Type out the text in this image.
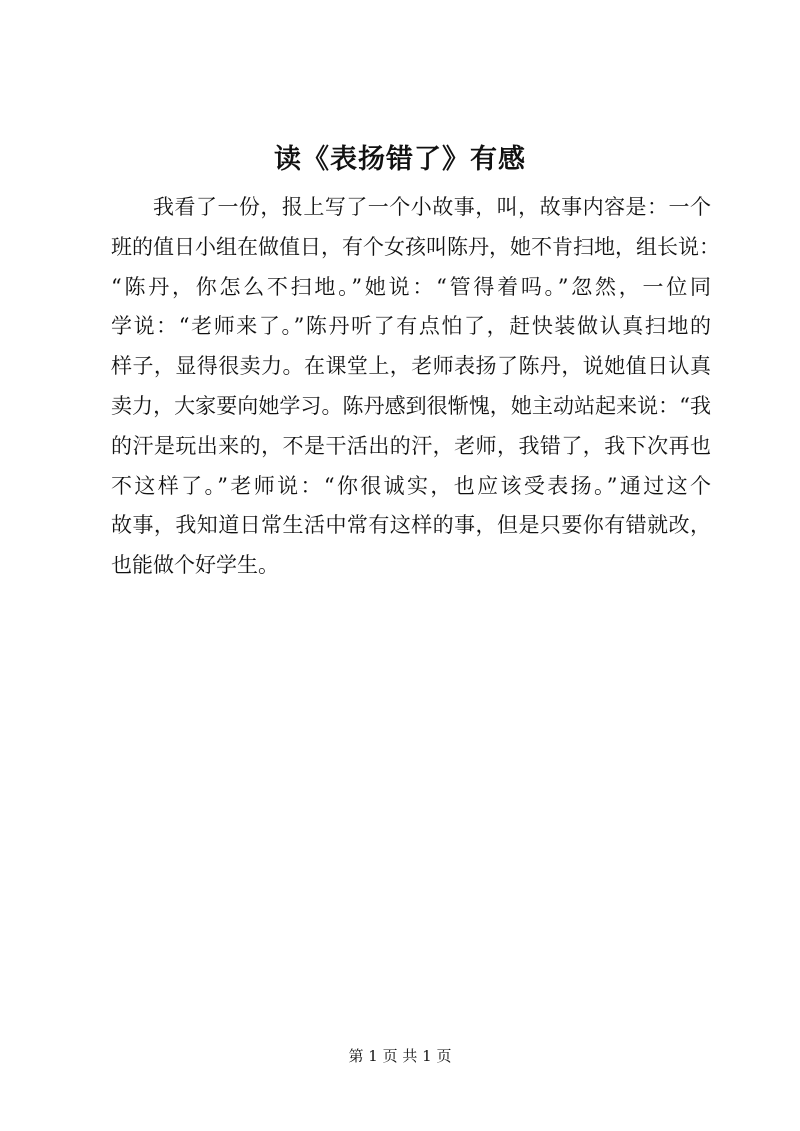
读《表扬错了》有感
我看了一份，报上写了一个小故事，叫，故事内容是：一个
班的值日小组在做值日，有个女孩叫陈丹，她不肯扫地，组长说：
“陈丹，你怎么不扫地。”她说：“管得着吗。”忽然，一位同
学说：“老师来了。”陈丹听了有点怕了，赶快装做认真扫地的
样子，显得很卖力。在课堂上，老师表扬了陈丹，说她值日认真
卖力，大家要向她学习。陈丹感到很惭愧，她主动站起来说：“我
的汗是玩出来的，不是干活出的汗，老师，我错了，我下次再也
不这样了。”老师说：“你很诚实，也应该受表扬。”通过这个
故事，我知道日常生活中常有这样的事，但是只要你有错就改，
也能做个好学生。
第 1 页 共 1 页
